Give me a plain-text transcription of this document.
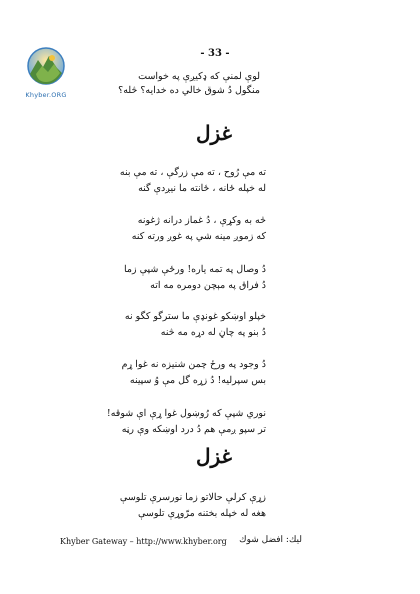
Khyber.ORG
- 33 -
لوې لمنې كه ډكيږې په خواست
منگول دُ شوق خالي ده خدايه؟ څله؟
غزل
ته مې رُوح ، ته مې زرگې ، ته مې بنه
له خپله ځانه ، ځانته ما نيږدې گنه
څه به وكړې ، دُ غماز درانه ژغونه
كه زموږ مينه شي په غوږ ورته كنه
دُ وصال په تمه ياره! ورځې شپې زما
دُ فراق په مېچن دومره مه اته
خپلو اوښكو غونډې ما سترگو كگو نه
دُ بنو په چاڼ له دړه مه څنه
دُ وجود په ورځ چمن شنيزه نه غوا ړم
بس سپرليه! دُ زړه گل مې وُ سپينه
نوري شپې كه رُوښول غوا ړې اې شوقه!
تر سپو ږمې هم دُ درد اوښكه وې رڼه
غزل
زړې كرلې حالاتو زما نورسرې تلوسې
هغه له خپله بختنه مرّوړې تلوسې
Khyber Gateway – http://www.khyber.org ليك: افضل شوك
